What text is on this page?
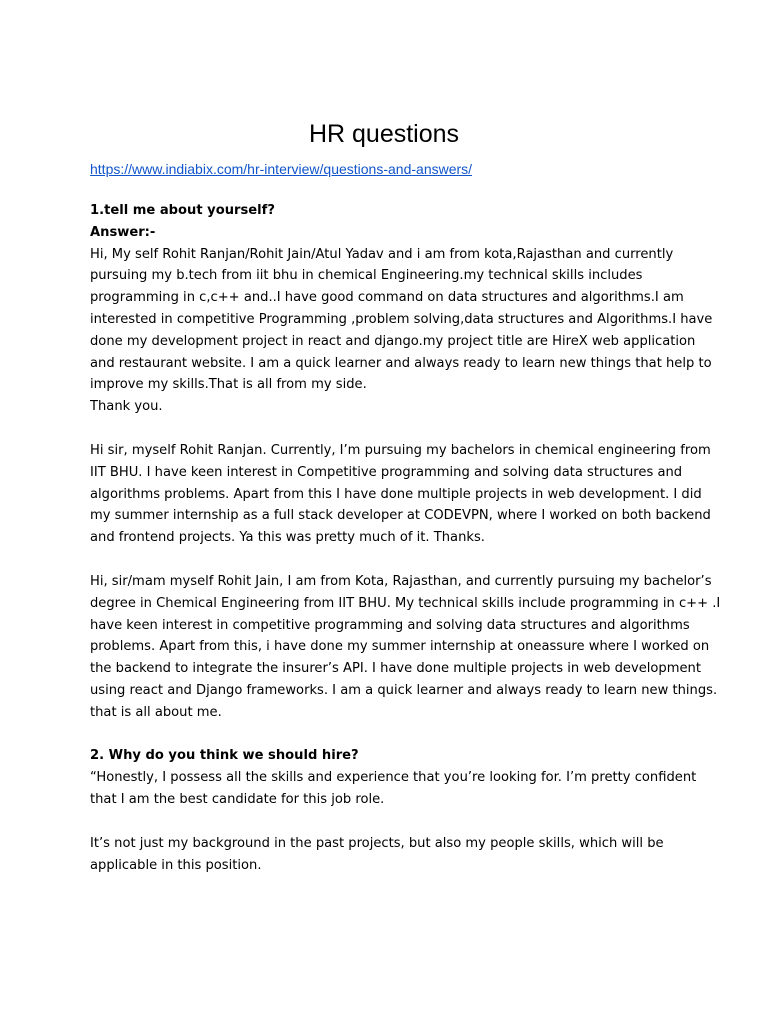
HR questions
https://www.indiabix.com/hr-interview/questions-and-answers/
1.tell me about yourself?
Answer:-
Hi, My self Rohit Ranjan/Rohit Jain/Atul Yadav and i am from kota,Rajasthan and currently
pursuing my b.tech from iit bhu in chemical Engineering.my technical skills includes
programming in c,c++ and..I have good command on data structures and algorithms.I am
interested in competitive Programming ,problem solving,data structures and Algorithms.I have
done my development project in react and django.my project title are HireX web application
and restaurant website. I am a quick learner and always ready to learn new things that help to
improve my skills.That is all from my side.
Thank you.
Hi sir, myself Rohit Ranjan. Currently, I’m pursuing my bachelors in chemical engineering from
IIT BHU. I have keen interest in Competitive programming and solving data structures and
algorithms problems. Apart from this I have done multiple projects in web development. I did
my summer internship as a full stack developer at CODEVPN, where I worked on both backend
and frontend projects. Ya this was pretty much of it. Thanks.
Hi, sir/mam myself Rohit Jain, I am from Kota, Rajasthan, and currently pursuing my bachelor’s
degree in Chemical Engineering from IIT BHU. My technical skills include programming in c++ .I
have keen interest in competitive programming and solving data structures and algorithms
problems. Apart from this, i have done my summer internship at oneassure where I worked on
the backend to integrate the insurer’s API. I have done multiple projects in web development
using react and Django frameworks. I am a quick learner and always ready to learn new things.
that is all about me.
2. Why do you think we should hire?
“Honestly, I possess all the skills and experience that you’re looking for. I’m pretty confident
that I am the best candidate for this job role.
It’s not just my background in the past projects, but also my people skills, which will be
applicable in this position.
